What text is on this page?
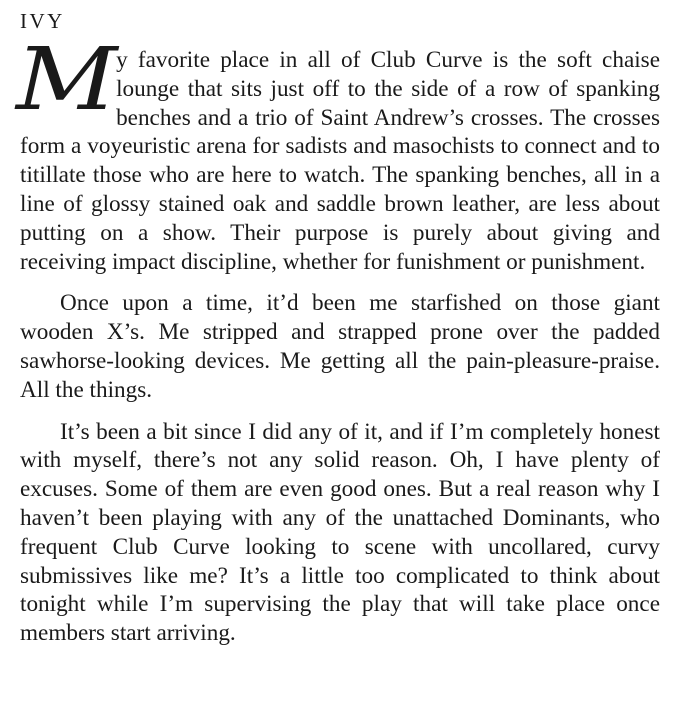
IVY

M
y favorite place in all of Club Curve is the soft chaise lounge that sits just off to the side of a row of spanking benches and a trio of Saint Andrew’s crosses. The crosses form a voyeuristic arena for sadists and masochists to connect and to titillate those who are here to watch. The spanking benches, all in a line of glossy stained oak and saddle brown leather, are less about putting on a show. Their purpose is purely about giving and receiving impact discipline, whether for funishment or punishment.

Once upon a time, it’d been me starfished on those giant wooden X’s. Me stripped and strapped prone over the padded sawhorse-looking devices. Me getting all the pain-pleasure-praise. All the things.

It’s been a bit since I did any of it, and if I’m completely honest with myself, there’s not any solid reason. Oh, I have plenty of excuses. Some of them are even good ones. But a real reason why I haven’t been playing with any of the unattached Dominants, who frequent Club Curve looking to scene with uncollared, curvy submissives like me? It’s a little too complicated to think about tonight while I’m supervising the play that will take place once members start arriving.
